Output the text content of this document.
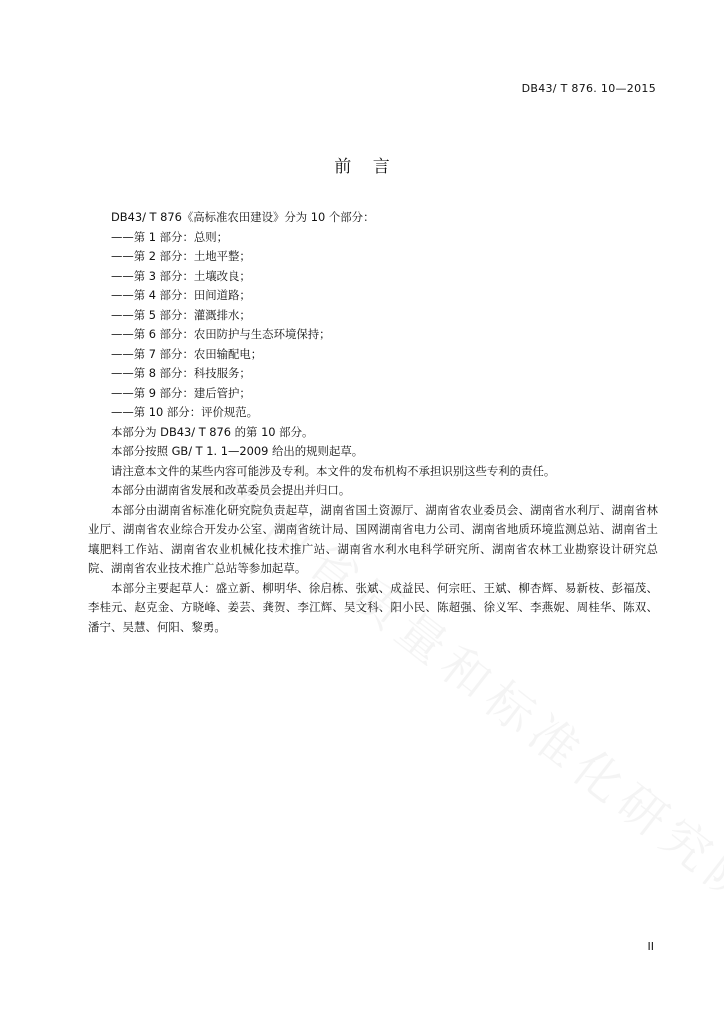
DB43/ T 876. 10—2015
前    言

DB43/ T 876《高标准农田建设》分为 10 个部分：

——第 1 部分：总则；

——第 2 部分：土地平整；

——第 3 部分：土壤改良；

——第 4 部分：田间道路；

——第 5 部分：灌溉排水；

——第 6 部分：农田防护与生态环境保持；

——第 7 部分：农田输配电；

——第 8 部分：科技服务；

——第 9 部分：建后管护；

——第 10 部分：评价规范。

本部分为 DB43/ T 876 的第 10 部分。

本部分按照 GB/ T 1. 1—2009 给出的规则起草。

请注意本文件的某些内容可能涉及专利。本文件的发布机构不承担识别这些专利的责任。

本部分由湖南省发展和改革委员会提出并归口。

本部分由湖南省标准化研究院负责起草，湖南省国土资源厅、湖南省农业委员会、湖南省水利厅、湖南省林业厅、湖南省农业综合开发办公室、湖南省统计局、国网湖南省电力公司、湖南省地质环境监测总站、湖南省土壤肥料工作站、湖南省农业机械化技术推广站、湖南省水利水电科学研究所、湖南省农林工业勘察设计研究总院、湖南省农业技术推广总站等参加起草。

本部分主要起草人：盛立新、柳明华、徐启栋、张斌、成益民、何宗旺、王斌、柳杏辉、易新枝、彭福茂、李桂元、赵克金、方晓峰、姜芸、龚贺、李江辉、吴文科、阳小民、陈超强、徐义军、李燕妮、周桂华、陈双、潘宁、吴慧、何阳、黎勇。

II
